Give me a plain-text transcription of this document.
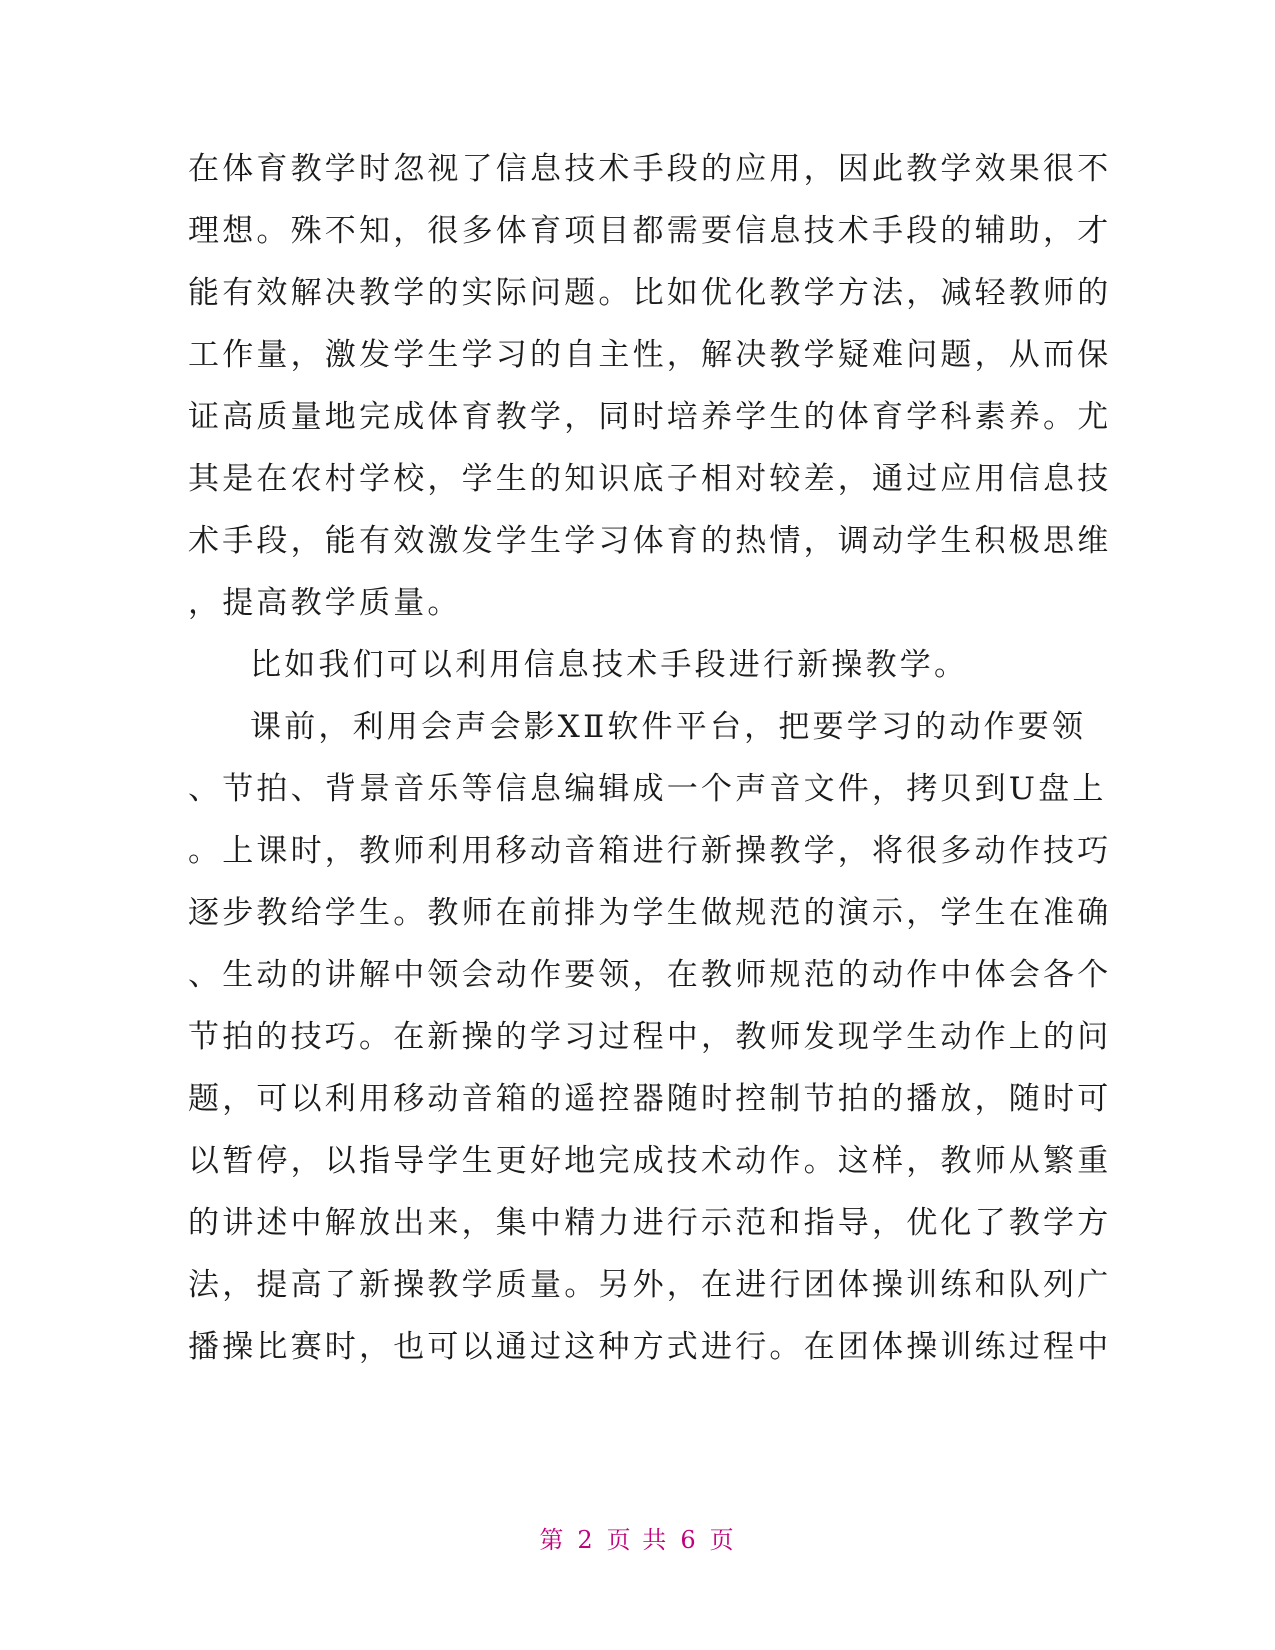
在体育教学时忽视了信息技术手段的应用，因此教学效果很不
理想。殊不知，很多体育项目都需要信息技术手段的辅助，才
能有效解决教学的实际问题。比如优化教学方法，减轻教师的
工作量，激发学生学习的自主性，解决教学疑难问题，从而保
证高质量地完成体育教学，同时培养学生的体育学科素养。尤
其是在农村学校，学生的知识底子相对较差，通过应用信息技
术手段，能有效激发学生学习体育的热情，调动学生积极思维
，提高教学质量。
比如我们可以利用信息技术手段进行新操教学。
课前，利用会声会影XⅡ软件平台，把要学习的动作要领
、节拍、背景音乐等信息编辑成一个声音文件，拷贝到U盘上
。上课时，教师利用移动音箱进行新操教学，将很多动作技巧
逐步教给学生。教师在前排为学生做规范的演示，学生在准确
、生动的讲解中领会动作要领，在教师规范的动作中体会各个
节拍的技巧。在新操的学习过程中，教师发现学生动作上的问
题，可以利用移动音箱的遥控器随时控制节拍的播放，随时可
以暂停，以指导学生更好地完成技术动作。这样，教师从繁重
的讲述中解放出来，集中精力进行示范和指导，优化了教学方
法，提高了新操教学质量。另外，在进行团体操训练和队列广
播操比赛时，也可以通过这种方式进行。在团体操训练过程中
第 2 页 共 6 页
